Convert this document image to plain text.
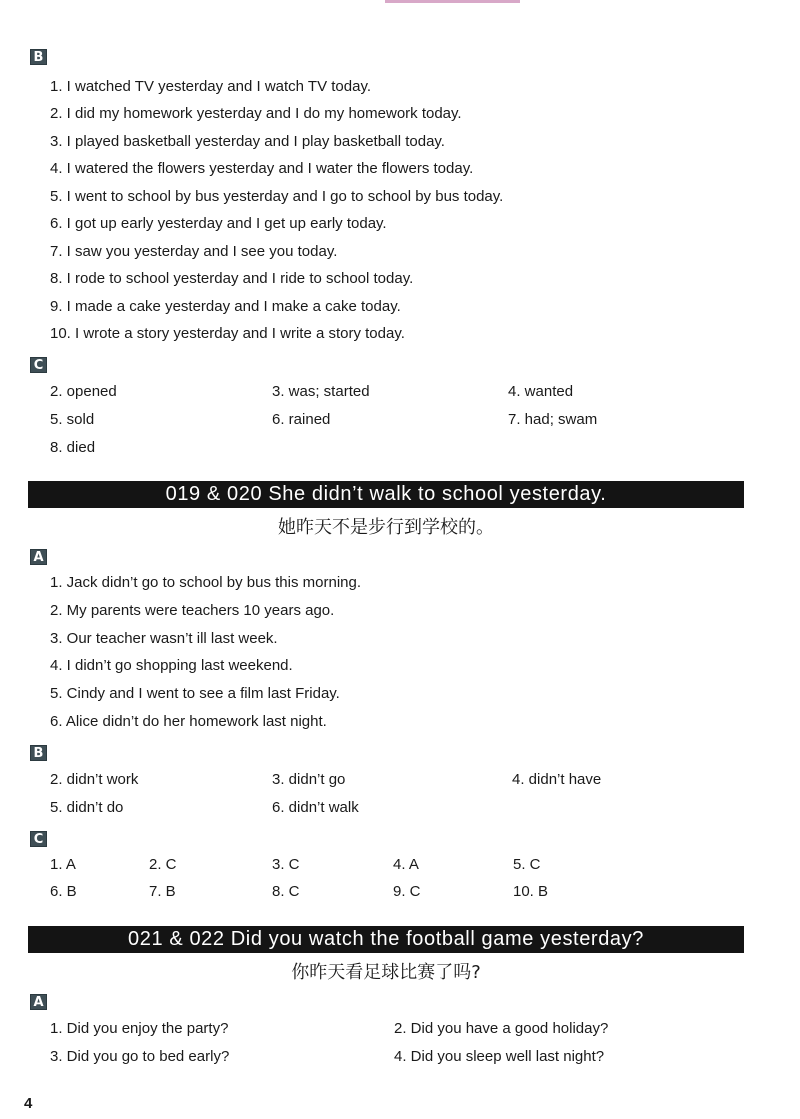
B
1. I watched TV yesterday and I watch TV today.
2. I did my homework yesterday and I do my homework today.
3. I played basketball yesterday and I play basketball today.
4. I watered the flowers yesterday and I water the flowers today.
5. I went to school by bus yesterday and I go to school by bus today.
6. I got up early yesterday and I get up early today.
7. I saw you yesterday and I see you today.
8. I rode to school yesterday and I ride to school today.
9. I made a cake yesterday and I make a cake today.
10. I wrote a story yesterday and I write a story today.
C
2. opened	3. was; started	4. wanted
5. sold	6. rained	7. had; swam
8. died
019 & 020 She didn’t walk to school yesterday.
她昨天不是步行到学校的。
A
1. Jack didn’t go to school by bus this morning.
2. My parents were teachers 10 years ago.
3. Our teacher wasn’t ill last week.
4. I didn’t go shopping last weekend.
5. Cindy and I went to see a film last Friday.
6. Alice didn’t do her homework last night.
B
2. didn’t work	3. didn’t go	4. didn’t have
5. didn’t do	6. didn’t walk
C
1. A	2. C	3. C	4. A	5. C
6. B	7. B	8. C	9. C	10. B
021 & 022 Did you watch the football game yesterday?
你昨天看足球比赛了吗?
A
1. Did you enjoy the party?	2. Did you have a good holiday?
3. Did you go to bed early?	4. Did you sleep well last night?
4
